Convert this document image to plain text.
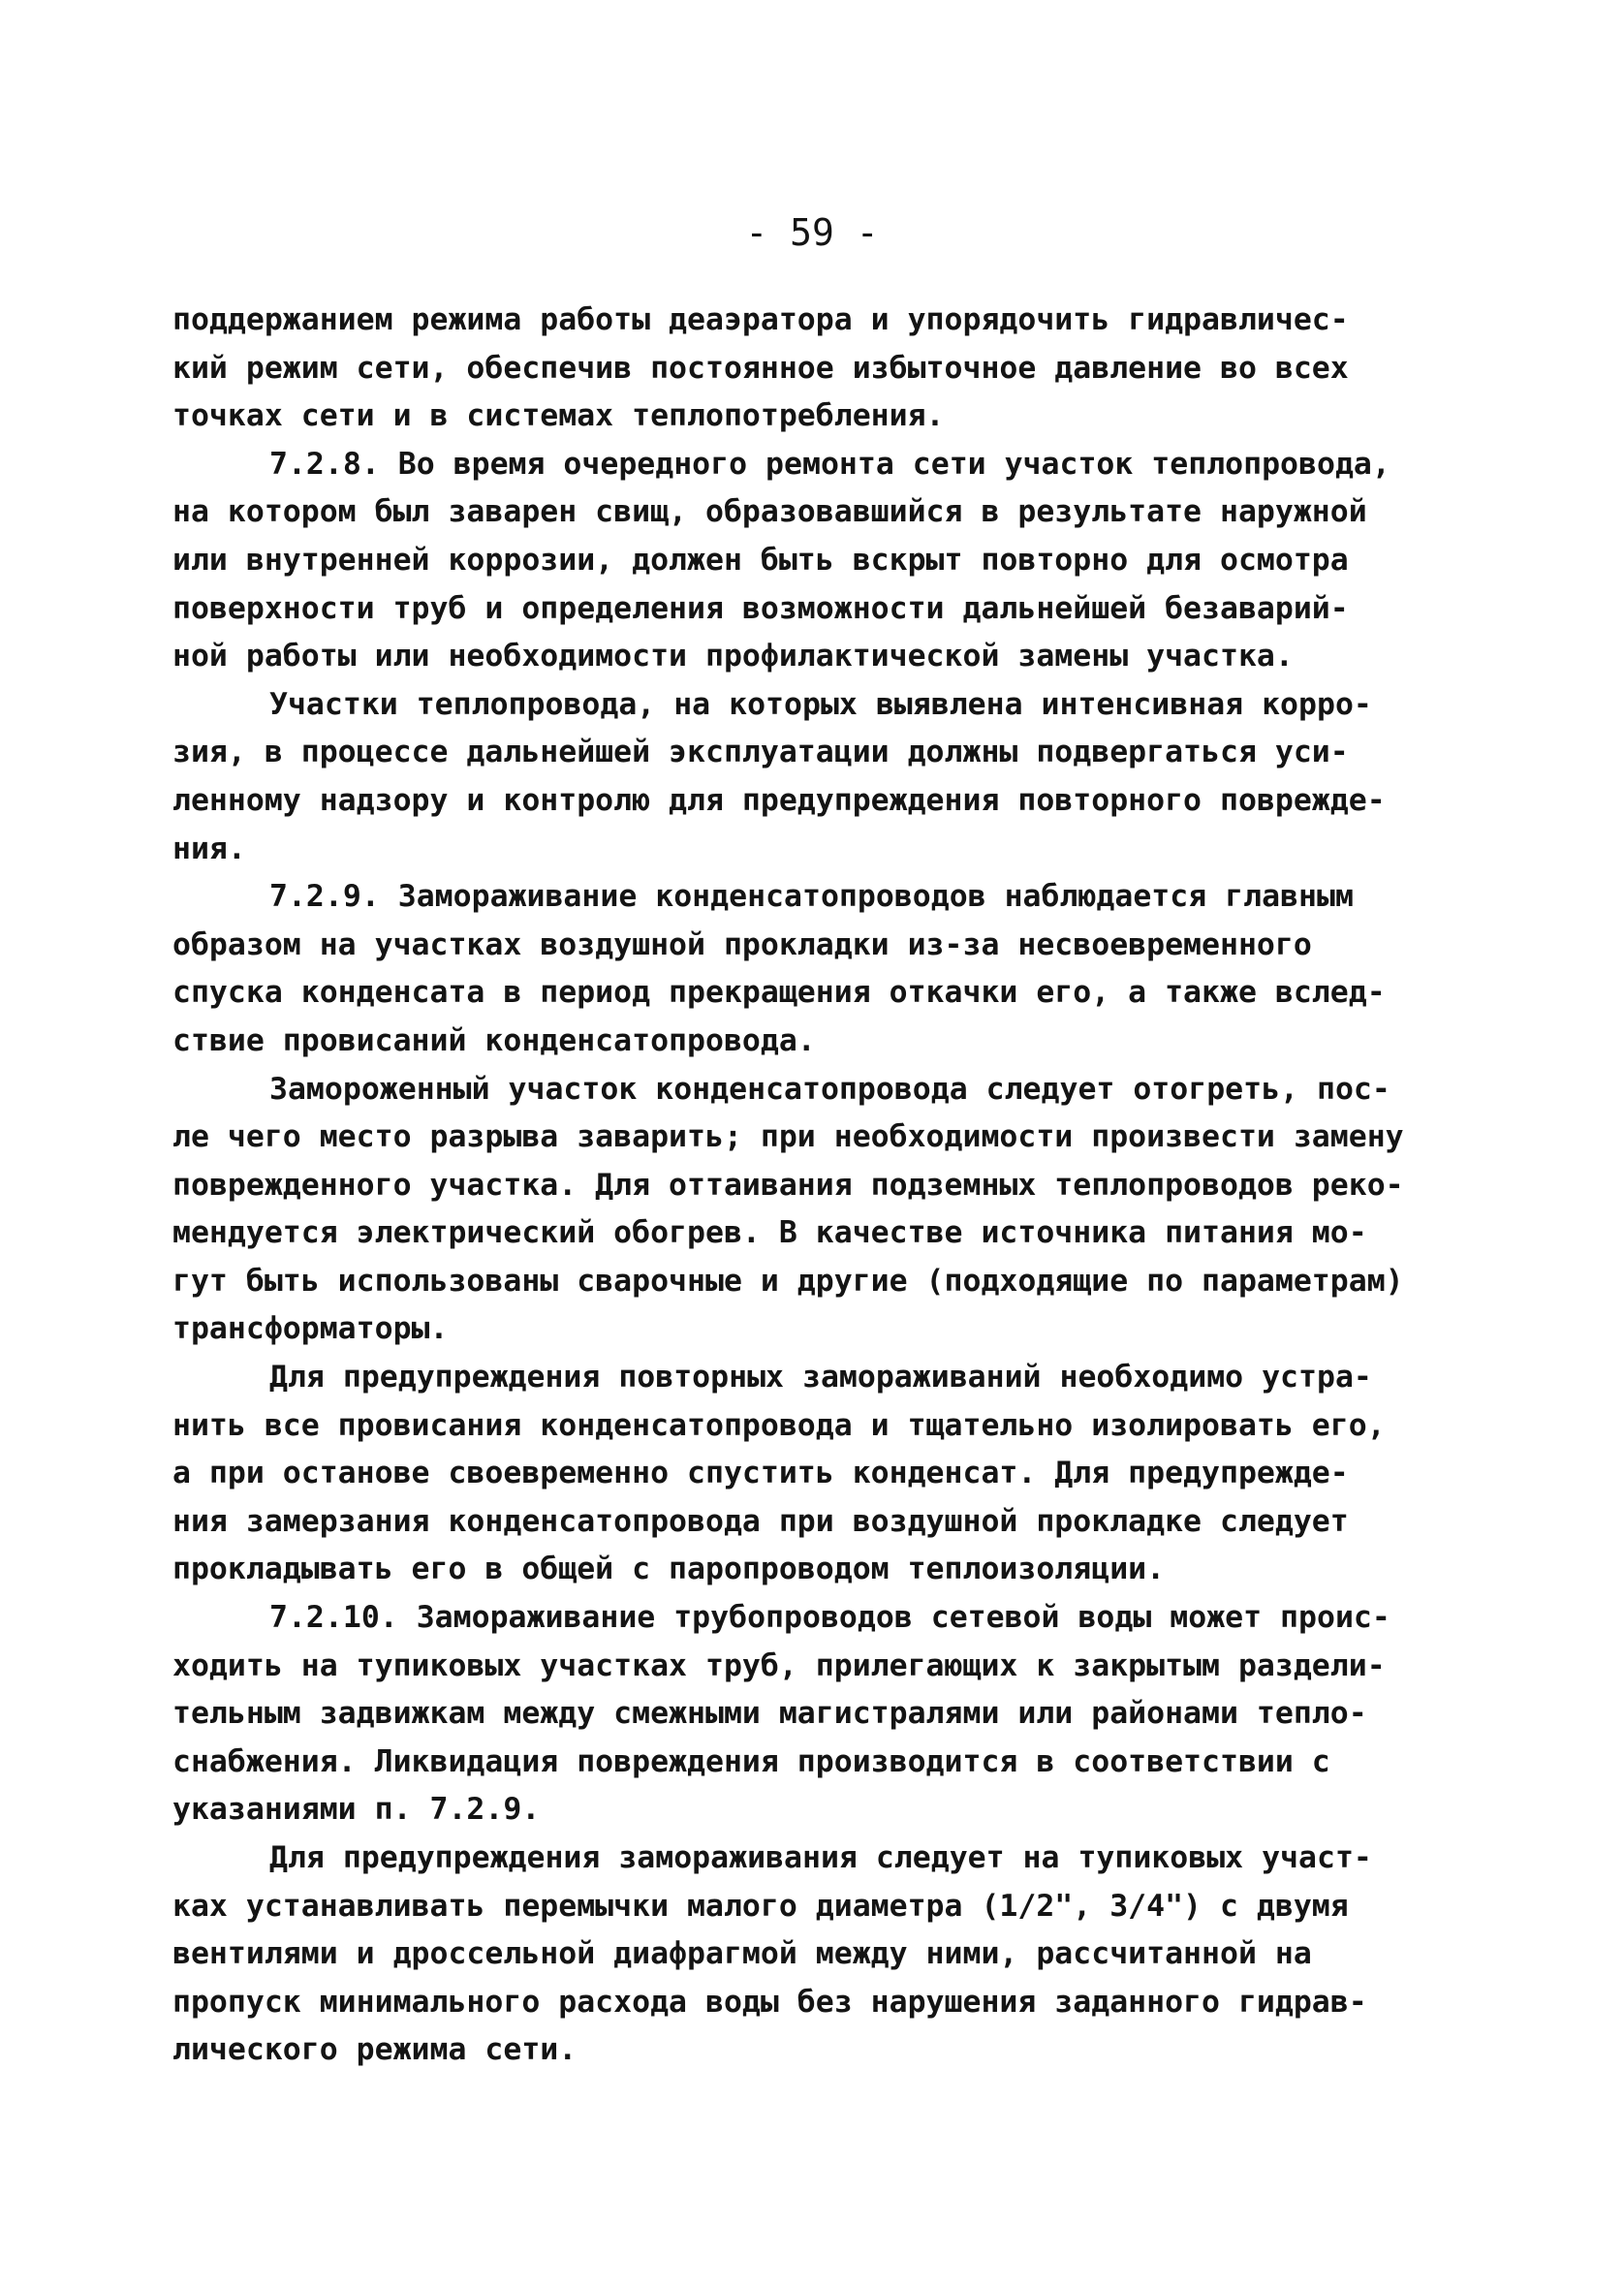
- 59 -
поддержанием режима работы деаэратора и упорядочить гидравличес-
кий режим сети, обеспечив постоянное избыточное давление во всех
точках сети и в системах теплопотребления.
7.2.8. Во время очередного ремонта сети участок теплопровода,
на котором был заварен свищ, образовавшийся в результате наружной
или внутренней коррозии, должен быть вскрыт повторно для осмотра
поверхности труб и определения возможности дальнейшей безаварий-
ной работы или необходимости профилактической замены участка.
Участки теплопровода, на которых выявлена интенсивная корро-
зия, в процессе дальнейшей эксплуатации должны подвергаться уси-
ленному надзору и контролю для предупреждения повторного поврежде-
ния.
7.2.9. Замораживание конденсатопроводов наблюдается главным
образом на участках воздушной прокладки из-за несвоевременного
спуска конденсата в период прекращения откачки его, а также вслед-
ствие провисаний конденсатопровода.
Замороженный участок конденсатопровода следует отогреть, пос-
ле чего место разрыва заварить; при необходимости произвести замену
поврежденного участка. Для оттаивания подземных теплопроводов реко-
мендуется электрический обогрев. В качестве источника питания мо-
гут быть использованы сварочные и другие (подходящие по параметрам)
трансформаторы.
Для предупреждения повторных замораживаний необходимо устра-
нить все провисания конденсатопровода и тщательно изолировать его,
а при останове своевременно спустить конденсат. Для предупрежде-
ния замерзания конденсатопровода при воздушной прокладке следует
прокладывать его в общей с паропроводом теплоизоляции.
7.2.10. Замораживание трубопроводов сетевой воды может проис-
ходить на тупиковых участках труб, прилегающих к закрытым раздели-
тельным задвижкам между смежными магистралями или районами тепло-
снабжения. Ликвидация повреждения производится в соответствии с
указаниями п. 7.2.9.
Для предупреждения замораживания следует на тупиковых участ-
ках устанавливать перемычки малого диаметра (1/2", 3/4") с двумя
вентилями и дроссельной диафрагмой между ними, рассчитанной на
пропуск минимального расхода воды без нарушения заданного гидрав-
лического режима сети.
